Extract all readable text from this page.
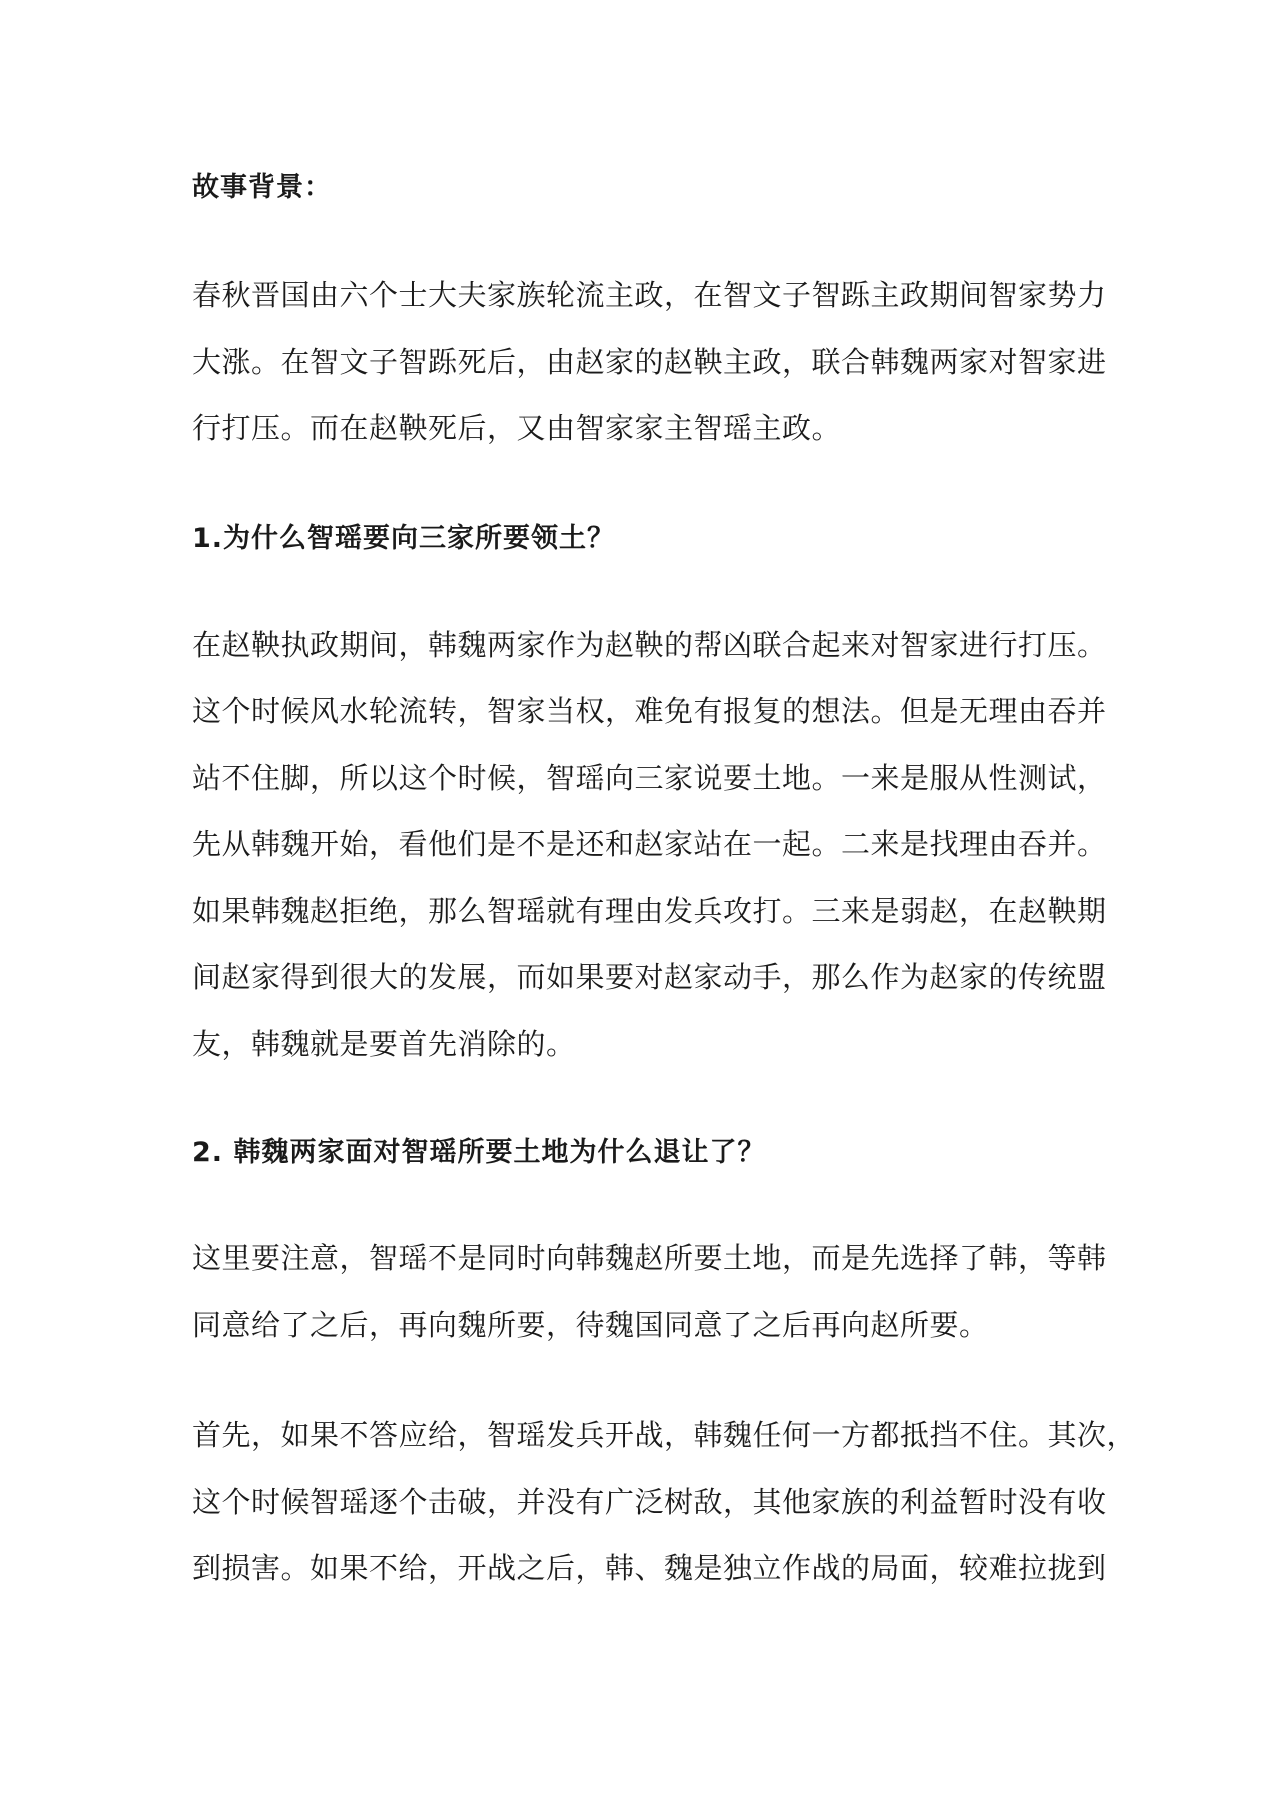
故事背景：

春秋晋国由六个士大夫家族轮流主政，在智文子智跞主政期间智家势力
大涨。在智文子智跞死后，由赵家的赵鞅主政，联合韩魏两家对智家进
行打压。而在赵鞅死后，又由智家家主智瑶主政。

1.为什么智瑶要向三家所要领土？

在赵鞅执政期间，韩魏两家作为赵鞅的帮凶联合起来对智家进行打压。
这个时候风水轮流转，智家当权，难免有报复的想法。但是无理由吞并
站不住脚，所以这个时候，智瑶向三家说要土地。一来是服从性测试，
先从韩魏开始，看他们是不是还和赵家站在一起。二来是找理由吞并。
如果韩魏赵拒绝，那么智瑶就有理由发兵攻打。三来是弱赵，在赵鞅期
间赵家得到很大的发展，而如果要对赵家动手，那么作为赵家的传统盟
友，韩魏就是要首先消除的。

2. 韩魏两家面对智瑶所要土地为什么退让了？

这里要注意，智瑶不是同时向韩魏赵所要土地，而是先选择了韩，等韩
同意给了之后，再向魏所要，待魏国同意了之后再向赵所要。

首先，如果不答应给，智瑶发兵开战，韩魏任何一方都抵挡不住。其次，
这个时候智瑶逐个击破，并没有广泛树敌，其他家族的利益暂时没有收
到损害。如果不给，开战之后，韩、魏是独立作战的局面，较难拉拢到
